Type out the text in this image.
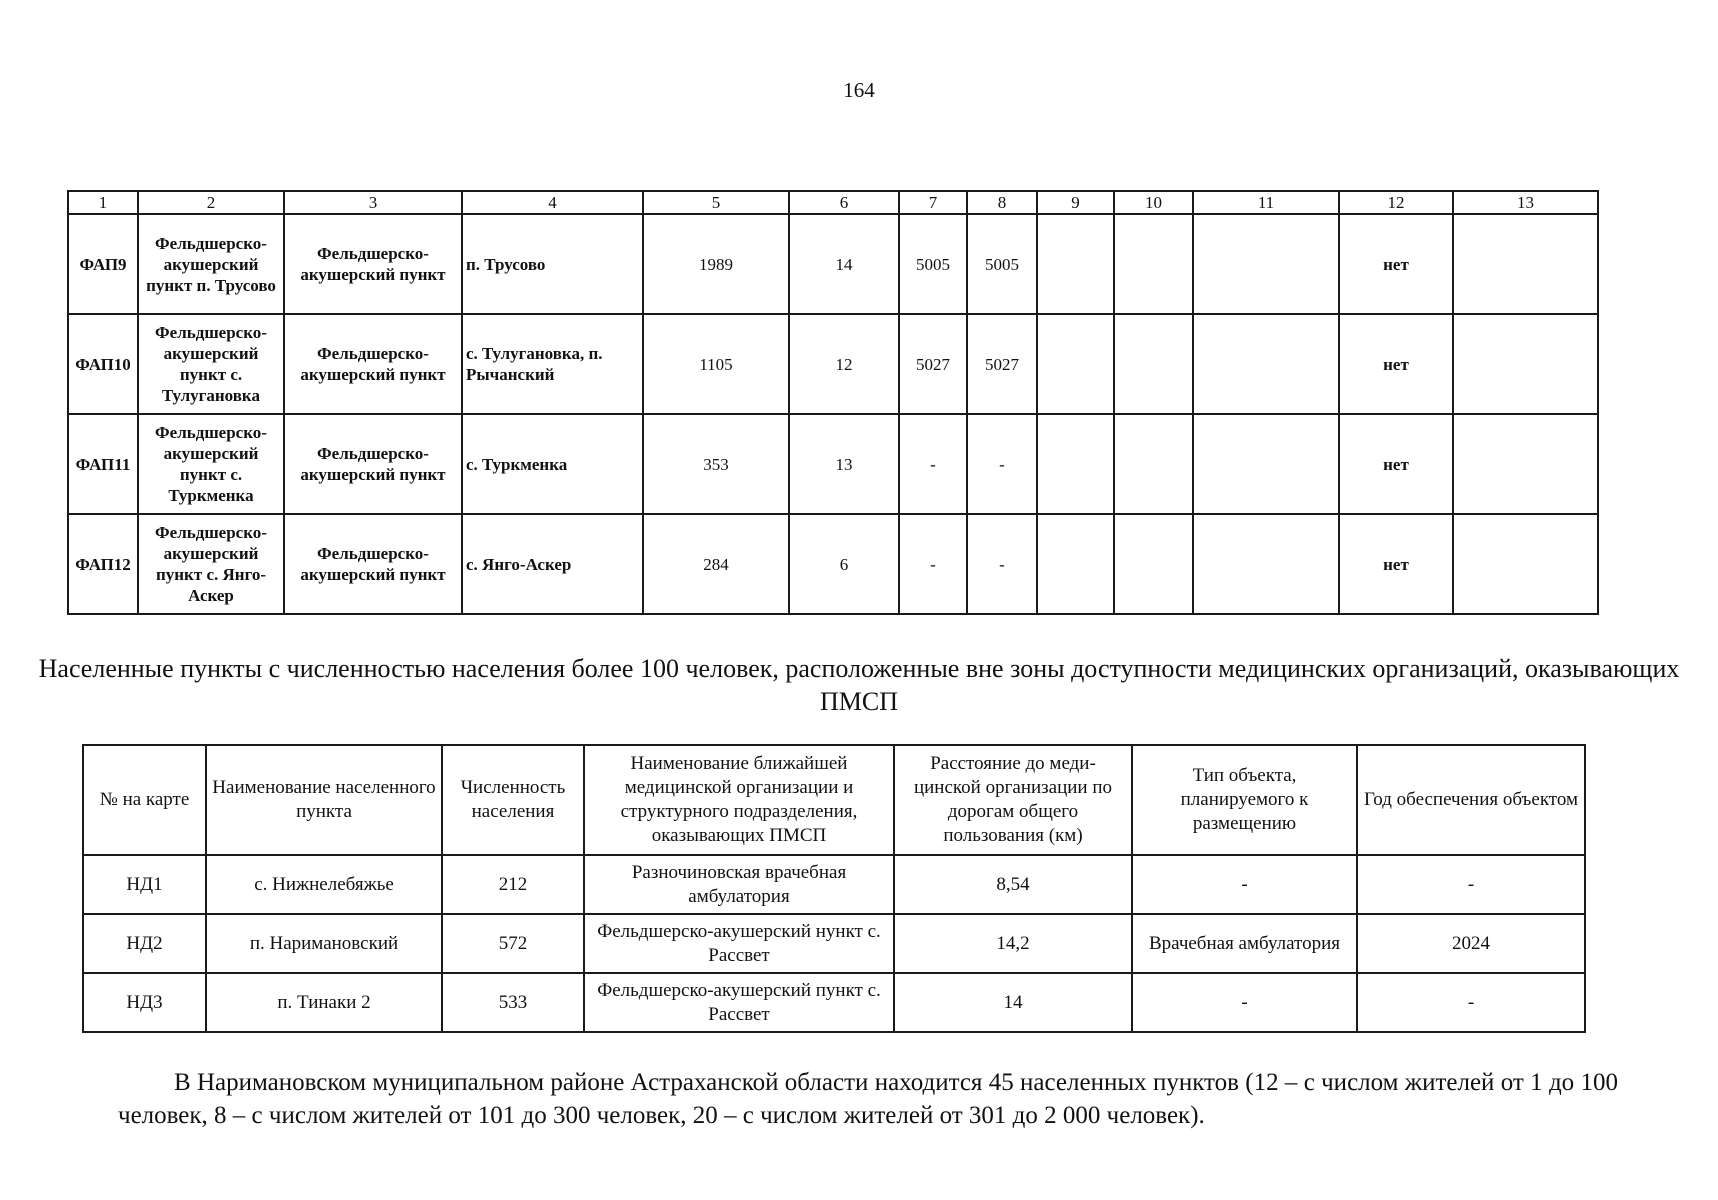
164
1	2	3	4	5	6	7	8	9	10	11	12	13
ФАП9	Фельдшерско-акушерский пункт п. Трусово	Фельдшерско-акушерский пункт	п. Трусово	1989	14	5005	5005				нет	
ФАП10	Фельдшерско-акушерский пункт с. Тулугановка	Фельдшерско-акушерский пункт	с. Тулугановка, п. Рычанский	1105	12	5027	5027				нет	
ФАП11	Фельдшерско-акушерский пункт с. Туркменка	Фельдшерско-акушерский пункт	с. Туркменка	353	13	-	-				нет	
ФАП12	Фельдшерско-акушерский пункт с. Янго-Аскер	Фельдшерско-акушерский пункт	с. Янго-Аскер	284	6	-	-				нет	
Населенные пункты с численностью населения более 100 человек, расположенные вне зоны доступности медицинских организаций, оказывающих ПМСП
№ на карте	Наименование населенного пункта	Численность населения	Наименование ближайшей медицинской организации и структурного подразделения, оказывающих ПМСП	Расстояние до меди-цинской организации по дорогам общего пользования (км)	Тип объекта, планируемого к размещению	Год обеспечения объектом
НД1	с. Нижнелебяжье	212	Разночиновская врачебная амбулатория	8,54	-	-
НД2	п. Наримановский	572	Фельдшерско-акушерский нункт с. Рассвет	14,2	Врачебная амбулатория	2024
НД3	п. Тинаки 2	533	Фельдшерско-акушерский пункт с. Рассвет	14	-	-
В Наримановском муниципальном районе Астраханской области находится 45 населенных пунктов (12 – с числом жителей от 1 до 100 человек, 8 – с числом жителей от 101 до 300 человек, 20 – с числом жителей от 301 до 2 000 человек).
